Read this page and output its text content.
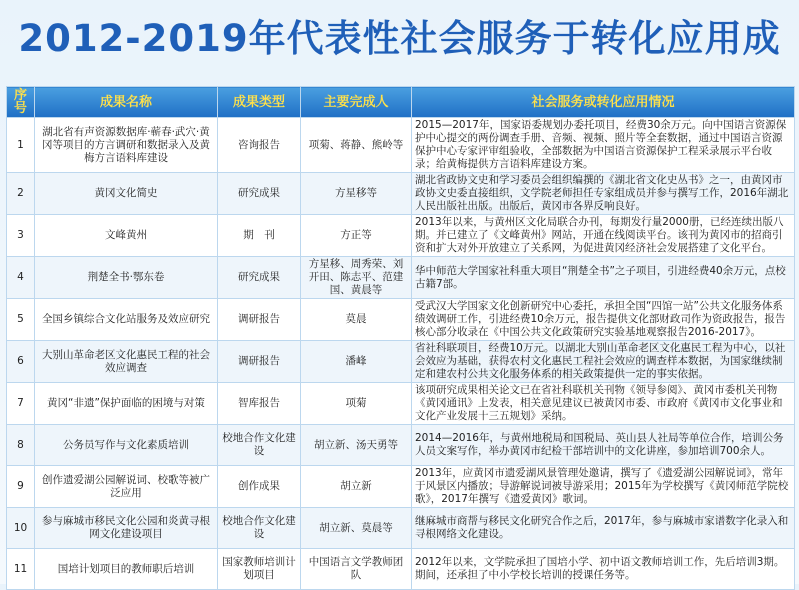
2012-2019年代表性社会服务于转化应用成
序号	成果名称	成果类型	主要完成人	社会服务或转化应用情况
1	湖北省有声资源数据库·蕲春·武穴·黄冈等项目的方言调研和数据录入及黄梅方言语料库建设	咨询报告	项菊、蒋静、熊岭等	2015—2017年，国家语委规划办委托项目，经费30余万元。向中国语言资源保护中心提交的两份调查手册、音频、视频、照片等全套数据，通过中国语言资源保护中心专家评审组验收，全部数据为中国语言资源保护工程采录展示平台收录；给黄梅提供方言语料库建设方案。
2	黄冈文化简史	研究成果	方星移等	湖北省政协文史和学习委员会组织编撰的《湖北省文化史丛书》之一，由黄冈市政协文史委直接组织，文学院老师担任专家组成员并参与撰写工作，2016年湖北人民出版社出版。出版后，黄冈市各界反响良好。
3	文峰黄州	期　刊	方正等	2013年以来，与黄州区文化局联合办刊，每期发行量2000册，已经连续出版八期。并已建立了《文峰黄州》网站，开通在线阅读平台。该刊为黄冈市的招商引资和扩大对外开放建立了关系网，为促进黄冈经济社会发展搭建了文化平台。
4	荆楚全书·鄂东卷	研究成果	方星移、周秀荣、刘开田、陈志平、范建国、黄晨等	华中师范大学国家社科重大项目“荆楚全书”之子项目，引进经费40余万元，点校古籍7部。
5	全国乡镇综合文化站服务及效应研究	调研报告	莫晨	受武汉大学国家文化创新研究中心委托，承担全国“四馆一站”公共文化服务体系绩效调研工作，引进经费10余万元，报告提供文化部财政司作为资政报告，报告核心部分收录在《中国公共文化政策研究实验基地观察报告2016-2017》。
6	大别山革命老区文化惠民工程的社会效应调查	调研报告	潘峰	省社科联项目，经费10万元。以湖北大别山革命老区文化惠民工程为中心，以社会效应为基础，获得农村文化惠民工程社会效应的调查样本数据，为国家继续制定和建农村公共文化服务体系的相关政策提供一定的事实依据。
7	黄冈“非遗”保护面临的困境与对策	智库报告	项菊	该项研究成果相关论文已在省社科联机关刊物《领导参阅》、黄冈市委机关刊物《黄冈通讯》上发表，相关意见建议已被黄冈市委、市政府《黄冈市文化事业和文化产业发展十三五规划》采纳。
8	公务员写作与文化素质培训	校地合作文化建设	胡立新、汤天勇等	2014—2016年，与黄州地税局和国税局、英山县人社局等单位合作，培训公务人员文案写作，举办黄冈市纪检干部培训中的文化讲座，参加培训700余人。
9	创作遗爱湖公园解说词、校歌等被广泛应用	创作成果	胡立新	2013年，应黄冈市遗爱湖风景管理处邀请，撰写了《遗爱湖公园解说词》，常年于风景区内播放；导游解说词被导游采用；2015年为学校撰写《黄冈师范学院校歌》，2017年撰写《遗爱黄冈》歌词。
10	参与麻城市移民文化公园和炎黄寻根网文化建设项目	校地合作文化建设	胡立新、莫晨等	继麻城市商帮与移民文化研究合作之后，2017年，参与麻城市家谱数字化录入和寻根网络文化建设。
11	国培计划项目的教师职后培训	国家教师培训计划项目	中国语言文学教师团队	2012年以来，文学院承担了国培小学、初中语文教师培训工作，先后培训3期。期间，还承担了中小学校长培训的授课任务等。
